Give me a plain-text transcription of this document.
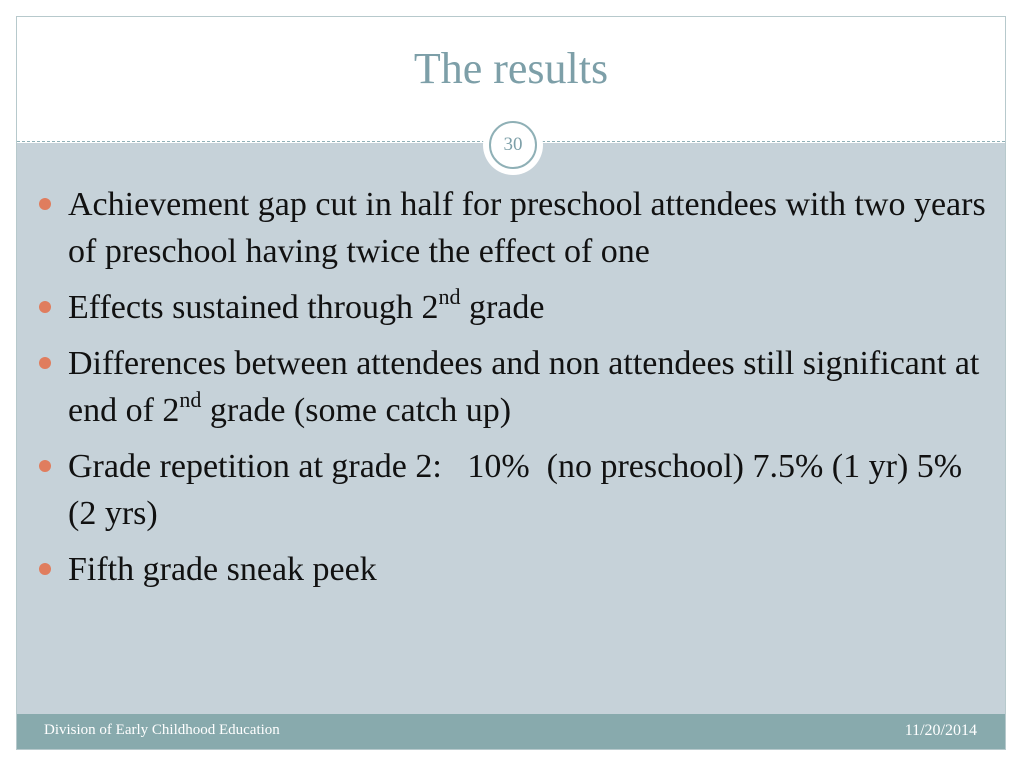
The results
30
Achievement gap cut in half for preschool attendees with two years of preschool having twice the effect of one
Effects sustained through 2nd grade
Differences between attendees and non attendees still significant at end of 2nd grade (some catch up)
Grade repetition at grade 2:   10%  (no preschool) 7.5% (1 yr) 5% (2 yrs)
Fifth grade sneak peek
Division of Early Childhood Education	11/20/2014
